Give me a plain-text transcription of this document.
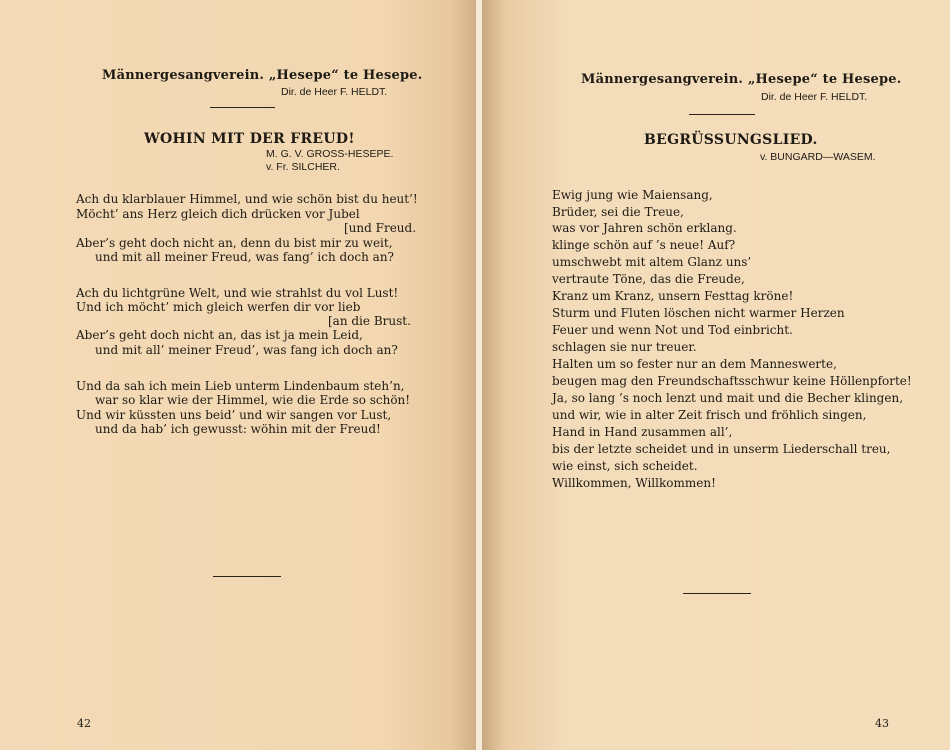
Männergesangverein. „Hesepe“ te Hesepe.
Dir. de Heer F. HELDT.
WOHIN MIT DER FREUD!
M. G. V. GROSS-HESEPE.
v. Fr. SILCHER.
Ach du klarblauer Himmel, und wie schön bist du heut’!
Möcht’ ans Herz gleich dich drücken vor Jubel
[und Freud.
Aber’s geht doch nicht an, denn du bist mir zu weit,
und mit all meiner Freud, was fang’ ich doch an?
Ach du lichtgrüne Welt, und wie strahlst du vol Lust!
Und ich möcht’ mich gleich werfen dir vor lieb
[an die Brust.
Aber’s geht doch nicht an, das ist ja mein Leid,
und mit all’ meiner Freud’, was fang ich doch an?
Und da sah ich mein Lieb unterm Lindenbaum steh’n,
war so klar wie der Himmel, wie die Erde so schön!
Und wir küssten uns beid’ und wir sangen vor Lust,
und da hab’ ich gewusst: wöhin mit der Freud!
42
Männergesangverein. „Hesepe“ te Hesepe.
Dir. de Heer F. HELDT.
BEGRÜSSUNGSLIED.
v. BUNGARD—WASEM.
Ewig jung wie Maiensang,
Brüder, sei die Treue,
was vor Jahren schön erklang.
klinge schön auf ’s neue! Auf?
umschwebt mit altem Glanz uns’
vertraute Töne, das die Freude,
Kranz um Kranz, unsern Festtag kröne!
Sturm und Fluten löschen nicht warmer Herzen
Feuer und wenn Not und Tod einbricht.
schlagen sie nur treuer.
Halten um so fester nur an dem Manneswerte,
beugen mag den Freundschaftsschwur keine Höllenpforte!
Ja, so lang ’s noch lenzt und mait und die Becher klingen,
und wir, wie in alter Zeit frisch und fröhlich singen,
Hand in Hand zusammen all’,
bis der letzte scheidet und in unserm Liederschall treu,
wie einst, sich scheidet.
Willkommen, Willkommen!
43
